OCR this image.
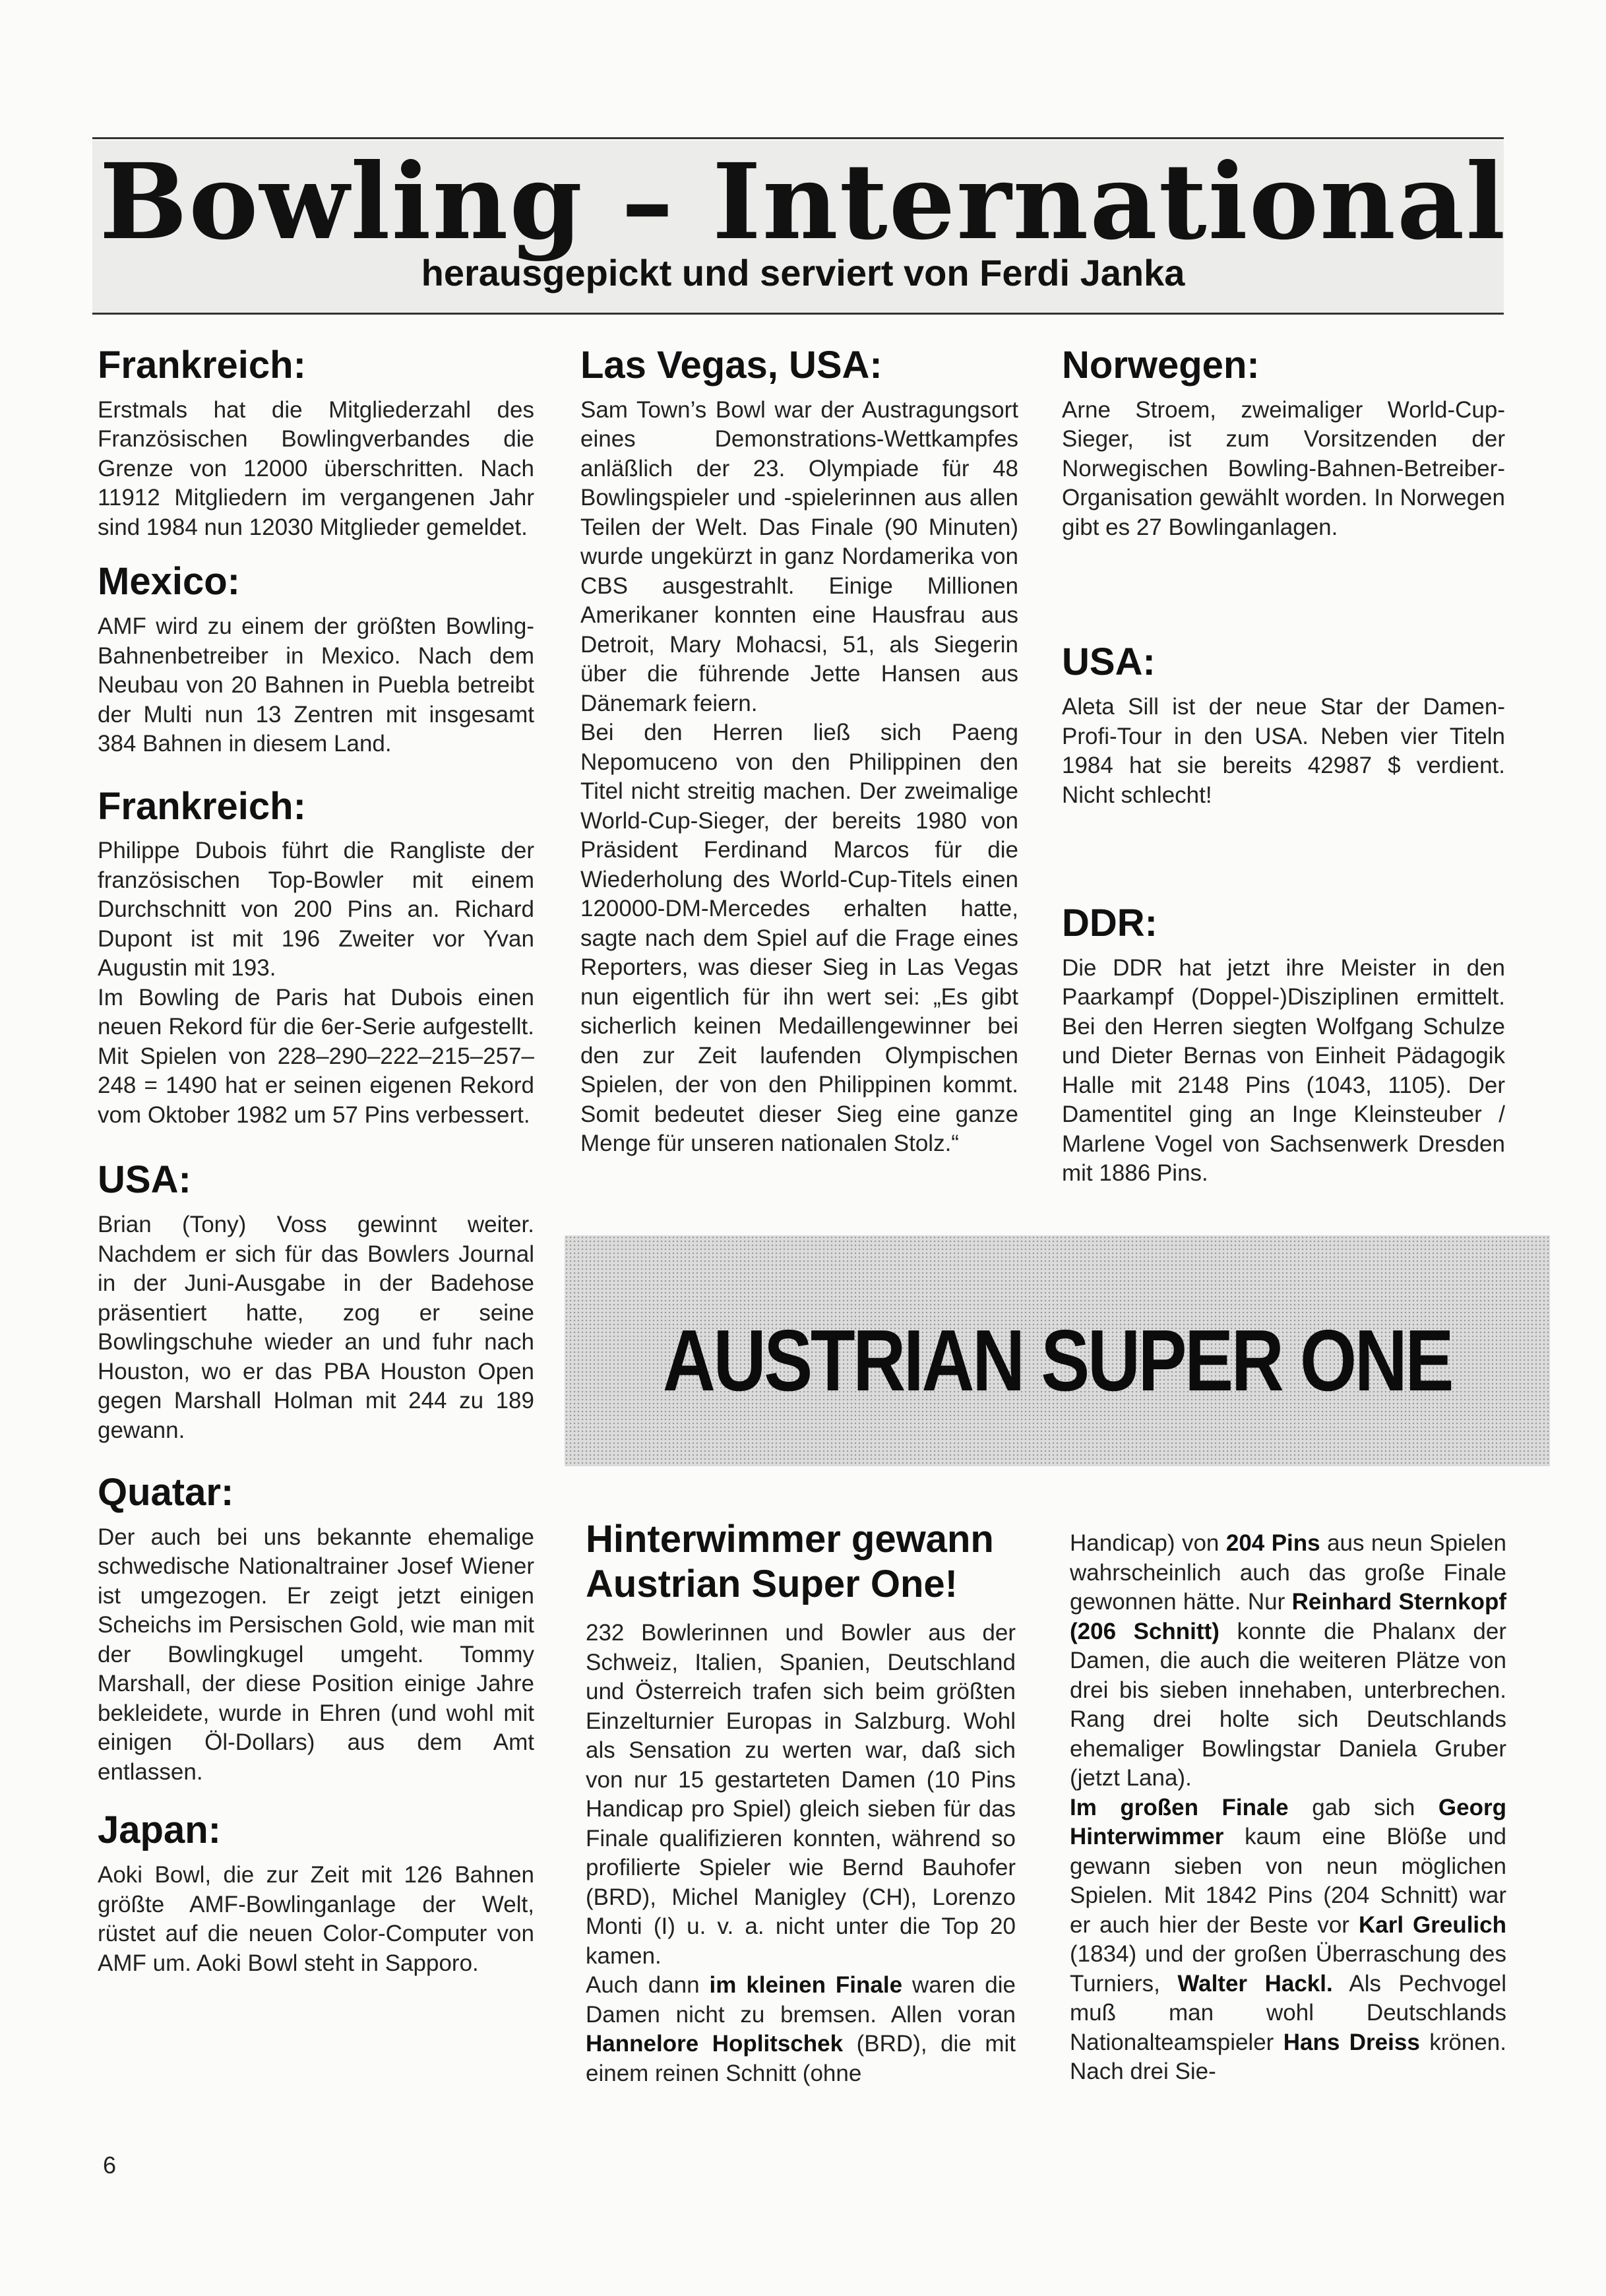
Bowling – International
herausgepickt und serviert von Ferdi Janka
Frankreich:

Erstmals hat die Mitgliederzahl des Französischen Bowlingverbandes die Grenze von 12000 überschritten. Nach 11912 Mitgliedern im vergangenen Jahr sind 1984 nun 12030 Mitglieder gemeldet.

Mexico:

AMF wird zu einem der größten Bowling-Bahnenbetreiber in Mexico. Nach dem Neubau von 20 Bahnen in Puebla betreibt der Multi nun 13 Zentren mit insgesamt 384 Bahnen in diesem Land.

Frankreich:

Philippe Dubois führt die Rangliste der französischen Top-Bowler mit einem Durchschnitt von 200 Pins an. Richard Dupont ist mit 196 Zweiter vor Yvan Augustin mit 193.

Im Bowling de Paris hat Dubois einen neuen Rekord für die 6er-Serie aufgestellt. Mit Spielen von 228–290–222–215–257–248 = 1490 hat er seinen eigenen Rekord vom Oktober 1982 um 57 Pins verbessert.

USA:

Brian (Tony) Voss gewinnt weiter. Nachdem er sich für das Bowlers Journal in der Juni-Ausgabe in der Badehose präsentiert hatte, zog er seine Bowlingschuhe wieder an und fuhr nach Houston, wo er das PBA Houston Open gegen Marshall Holman mit 244 zu 189 gewann.

Quatar:

Der auch bei uns bekannte ehemalige schwedische Nationaltrainer Josef Wiener ist umgezogen. Er zeigt jetzt einigen Scheichs im Persischen Gold, wie man mit der Bowlingkugel umgeht. Tommy Marshall, der diese Position einige Jahre bekleidete, wurde in Ehren (und wohl mit einigen Öl-Dollars) aus dem Amt entlassen.

Japan:

Aoki Bowl, die zur Zeit mit 126 Bahnen größte AMF-Bowlinganlage der Welt, rüstet auf die neuen Color-Computer von AMF um. Aoki Bowl steht in Sapporo.

Las Vegas, USA:

Sam Town’s Bowl war der Austragungsort eines Demonstrations-Wettkampfes anläßlich der 23. Olympiade für 48 Bowlingspieler und -spielerinnen aus allen Teilen der Welt. Das Finale (90 Minuten) wurde ungekürzt in ganz Nordamerika von CBS ausgestrahlt. Einige Millionen Amerikaner konnten eine Hausfrau aus Detroit, Mary Mohacsi, 51, als Siegerin über die führende Jette Hansen aus Dänemark feiern.

Bei den Herren ließ sich Paeng Nepomuceno von den Philippinen den Titel nicht streitig machen. Der zweimalige World-Cup-Sieger, der bereits 1980 von Präsident Ferdinand Marcos für die Wiederholung des World-Cup-Titels einen 120000-DM-Mercedes erhalten hatte, sagte nach dem Spiel auf die Frage eines Reporters, was dieser Sieg in Las Vegas nun eigentlich für ihn wert sei: „Es gibt sicherlich keinen Medaillengewinner bei den zur Zeit laufenden Olympischen Spielen, der von den Philippinen kommt. Somit bedeutet dieser Sieg eine ganze Menge für unseren nationalen Stolz.“

Norwegen:

Arne Stroem, zweimaliger World-Cup-Sieger, ist zum Vorsitzenden der Norwegischen Bowling-Bahnen-Betreiber-Organisation gewählt worden. In Norwegen gibt es 27 Bowlinganlagen.

USA:

Aleta Sill ist der neue Star der Damen-Profi-Tour in den USA. Neben vier Titeln 1984 hat sie bereits 42987 $ verdient. Nicht schlecht!

DDR:

Die DDR hat jetzt ihre Meister in den Paarkampf (Doppel-)Disziplinen ermittelt. Bei den Herren siegten Wolfgang Schulze und Dieter Bernas von Einheit Pädagogik Halle mit 2148 Pins (1043, 1105). Der Damentitel ging an Inge Kleinsteuber / Marlene Vogel von Sachsenwerk Dresden mit 1886 Pins.

AUSTRIAN SUPER ONE
Hinterwimmer gewann Austrian Super One!

232 Bowlerinnen und Bowler aus der Schweiz, Italien, Spanien, Deutschland und Österreich trafen sich beim größten Einzelturnier Europas in Salzburg. Wohl als Sensation zu werten war, daß sich von nur 15 gestarteten Damen (10 Pins Handicap pro Spiel) gleich sieben für das Finale qualifizieren konnten, während so profilierte Spieler wie Bernd Bauhofer (BRD), Michel Manigley (CH), Lorenzo Monti (I) u. v. a. nicht unter die Top 20 kamen.

Auch dann im kleinen Finale waren die Damen nicht zu bremsen. Allen voran Hannelore Hoplitschek (BRD), die mit einem reinen Schnitt (ohne

Handicap) von 204 Pins aus neun Spielen wahrscheinlich auch das große Finale gewonnen hätte. Nur Reinhard Sternkopf (206 Schnitt) konnte die Phalanx der Damen, die auch die weiteren Plätze von drei bis sieben innehaben, unterbrechen. Rang drei holte sich Deutschlands ehemaliger Bowlingstar Daniela Gruber (jetzt Lana).

Im großen Finale gab sich Georg Hinterwimmer kaum eine Blöße und gewann sieben von neun möglichen Spielen. Mit 1842 Pins (204 Schnitt) war er auch hier der Beste vor Karl Greulich (1834) und der großen Überraschung des Turniers, Walter Hackl. Als Pechvogel muß man wohl Deutschlands Nationalteamspieler Hans Dreiss krönen. Nach drei Sie-

6
